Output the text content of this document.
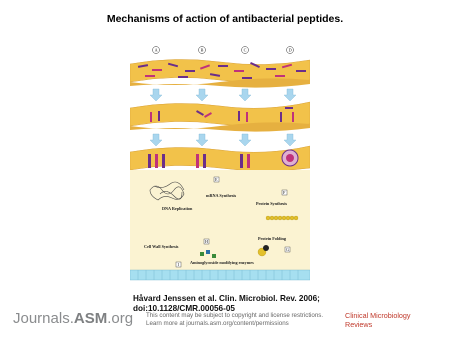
Mechanisms of action of antibacterial peptides.
A	B	C	D
DNA Replication
E
mRNA Synthesis
F
Protein Synthesis
G
Protein Folding
Cell Wall Synthesis
I
H
Aminoglycoside modifying enzymes
Håvard Jenssen et al. Clin. Microbiol. Rev. 2006;
doi:10.1128/CMR.00056-05
Journals.ASM.org This content may be subject to copyright and license restrictions.
Learn more at journals.asm.org/content/permissions
Clinical Microbiology
Reviews
